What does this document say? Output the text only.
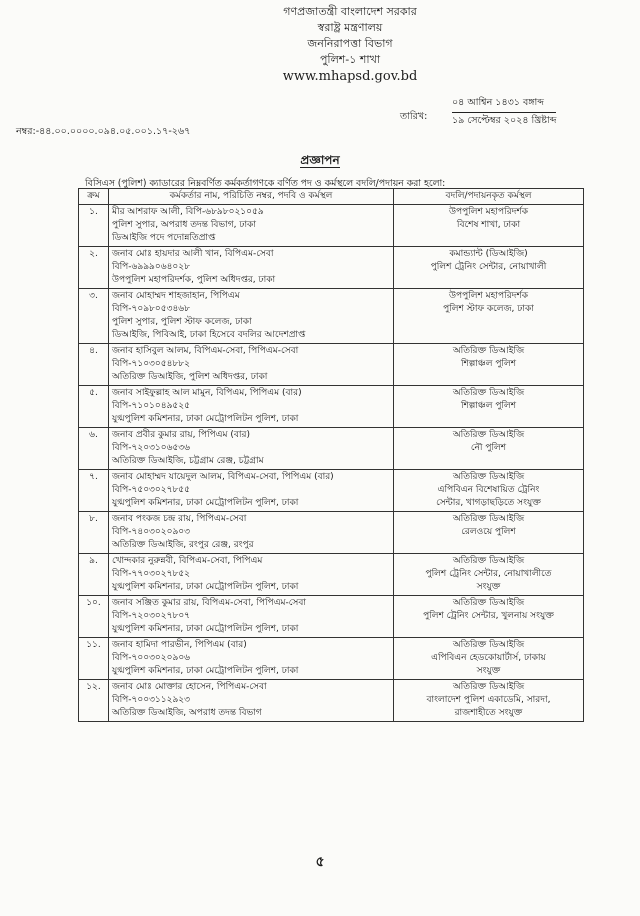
গণপ্রজাতন্ত্রী বাংলাদেশ সরকার
স্বরাষ্ট্র মন্ত্রণালয়
জননিরাপত্তা বিভাগ
পুলিশ-১ শাখা
www.mhapsd.gov.bd
তারিখ:
০৪ আশ্বিন ১৪৩১ বঙ্গাব্দ
১৯ সেপ্টেম্বর ২০২৪ খ্রিষ্টাব্দ
নম্বর:-৪৪.০০.০০০০.০৯৪.০৫.০০১.১৭-২৬৭
প্রজ্ঞাপন
বিসিএস (পুলিশ) ক্যাডারের নিম্নবর্ণিত কর্মকর্তাগণকে বর্ণিত পদ ও কর্মস্থলে বদলি/পদায়ন করা হলো:
ক্রম	কর্মকর্তার নাম, পরিচিতি নম্বর, পদবি ও কর্মস্থল	বদলি/পদায়নকৃত কর্মস্থল
১.	মীর আশরাফ আলী, বিপি-৬৮৯৮০২১০৫৯
পুলিশ সুপার, অপরাধ তদন্ত বিভাগ, ঢাকা
ডিআইজি পদে পদোন্নতিপ্রাপ্ত	উপপুলিশ মহাপরিদর্শক
বিশেষ শাখা, ঢাকা

২.	জনাব মোঃ হায়দার আলী খান, বিপিএম-সেবা
বিপি-৬৯৯৯০৬৪০২৮
উপপুলিশ মহাপরিদর্শক, পুলিশ অধিদপ্তর, ঢাকা	কমান্ড্যান্ট (ডিআইজি)
পুলিশ ট্রেনিং সেন্টার, নোয়াখালী

৩.	জনাব মোহাম্মদ শাহজাহান, পিপিএম
বিপি-৭০৯৮০৫৩৪৬৮
পুলিশ সুপার, পুলিশ স্টাফ কলেজ, ঢাকা
ডিআইজি, পিবিআই, ঢাকা হিসেবে বদলির আদেশপ্রাপ্ত	উপপুলিশ মহাপরিদর্শক
পুলিশ স্টাফ কলেজ, ঢাকা

৪.	জনাব হাসিবুল আলম, বিপিএম-সেবা, পিপিএম-সেবা
বিপি-৭১০৩০৫৪৮৮২
অতিরিক্ত ডিআইজি, পুলিশ অধিদপ্তর, ঢাকা	অতিরিক্ত ডিআইজি
শিল্পাঞ্চল পুলিশ

৫.	জনাব সাইফুল্লাহ আল মামুন, বিপিএম, পিপিএম (বার)
বিপি-৭১০১০৪৯৫২৫
যুগ্মপুলিশ কমিশনার, ঢাকা মেট্রোপলিটন পুলিশ, ঢাকা	অতিরিক্ত ডিআইজি
শিল্পাঞ্চল পুলিশ

৬.	জনাব প্রবীর কুমার রায়, পিপিএম (বার)
বিপি-৭২০৩১০৬৫৩৬
অতিরিক্ত ডিআইজি, চট্টগ্রাম রেঞ্জ, চট্টগ্রাম	অতিরিক্ত ডিআইজি
নৌ পুলিশ

৭.	জনাব মোহাম্মদ যায়েদুল আলম, বিপিএম-সেবা, পিপিএম (বার)
বিপি-৭৫০৩০২৭৮৫৫
যুগ্মপুলিশ কমিশনার, ঢাকা মেট্রোপলিটন পুলিশ, ঢাকা	অতিরিক্ত ডিআইজি
এপিবিএন বিশেষায়িত ট্রেনিং
সেন্টার, খাগড়াছড়িতে সংযুক্ত

৮.	জনাব পংকজ চন্দ্র রায়, পিপিএম-সেবা
বিপি-৭৪০৩০২০৯০৩
অতিরিক্ত ডিআইজি, রংপুর রেঞ্জ, রংপুর	অতিরিক্ত ডিআইজি
রেলওয়ে পুলিশ

৯.	খোন্দকার নুরুন্নবী, বিপিএম-সেবা, পিপিএম
বিপি-৭৭০৩০২৭৮৫২
যুগ্মপুলিশ কমিশনার, ঢাকা মেট্রোপলিটন পুলিশ, ঢাকা	অতিরিক্ত ডিআইজি
পুলিশ ট্রেনিং সেন্টার, নোয়াখালীতে
সংযুক্ত

১০.	জনাব সঞ্জিত কুমার রায়, বিপিএম-সেবা, পিপিএম-সেবা
বিপি-৭২০৩০২৭৮০৭
যুগ্মপুলিশ কমিশনার, ঢাকা মেট্রোপলিটন পুলিশ, ঢাকা	অতিরিক্ত ডিআইজি
পুলিশ ট্রেনিং সেন্টার, খুলনায় সংযুক্ত

১১.	জনাব হামিদা পারভীন, পিপিএম (বার)
বিপি-৭০০৩০২০৯০৬
যুগ্মপুলিশ কমিশনার, ঢাকা মেট্রোপলিটন পুলিশ, ঢাকা	অতিরিক্ত ডিআইজি
এপিবিএন হেডকোয়ার্টার্স, ঢাকায়
সংযুক্ত

১২.	জনাব মোঃ মোক্তার হোসেন, পিপিএম-সেবা
বিপি-৭০০৩১১২৯২৩
অতিরিক্ত ডিআইজি, অপরাধ তদন্ত বিভাগ	অতিরিক্ত ডিআইজি
বাংলাদেশ পুলিশ একাডেমি, সারদা,
রাজশাহীতে সংযুক্ত
৫
